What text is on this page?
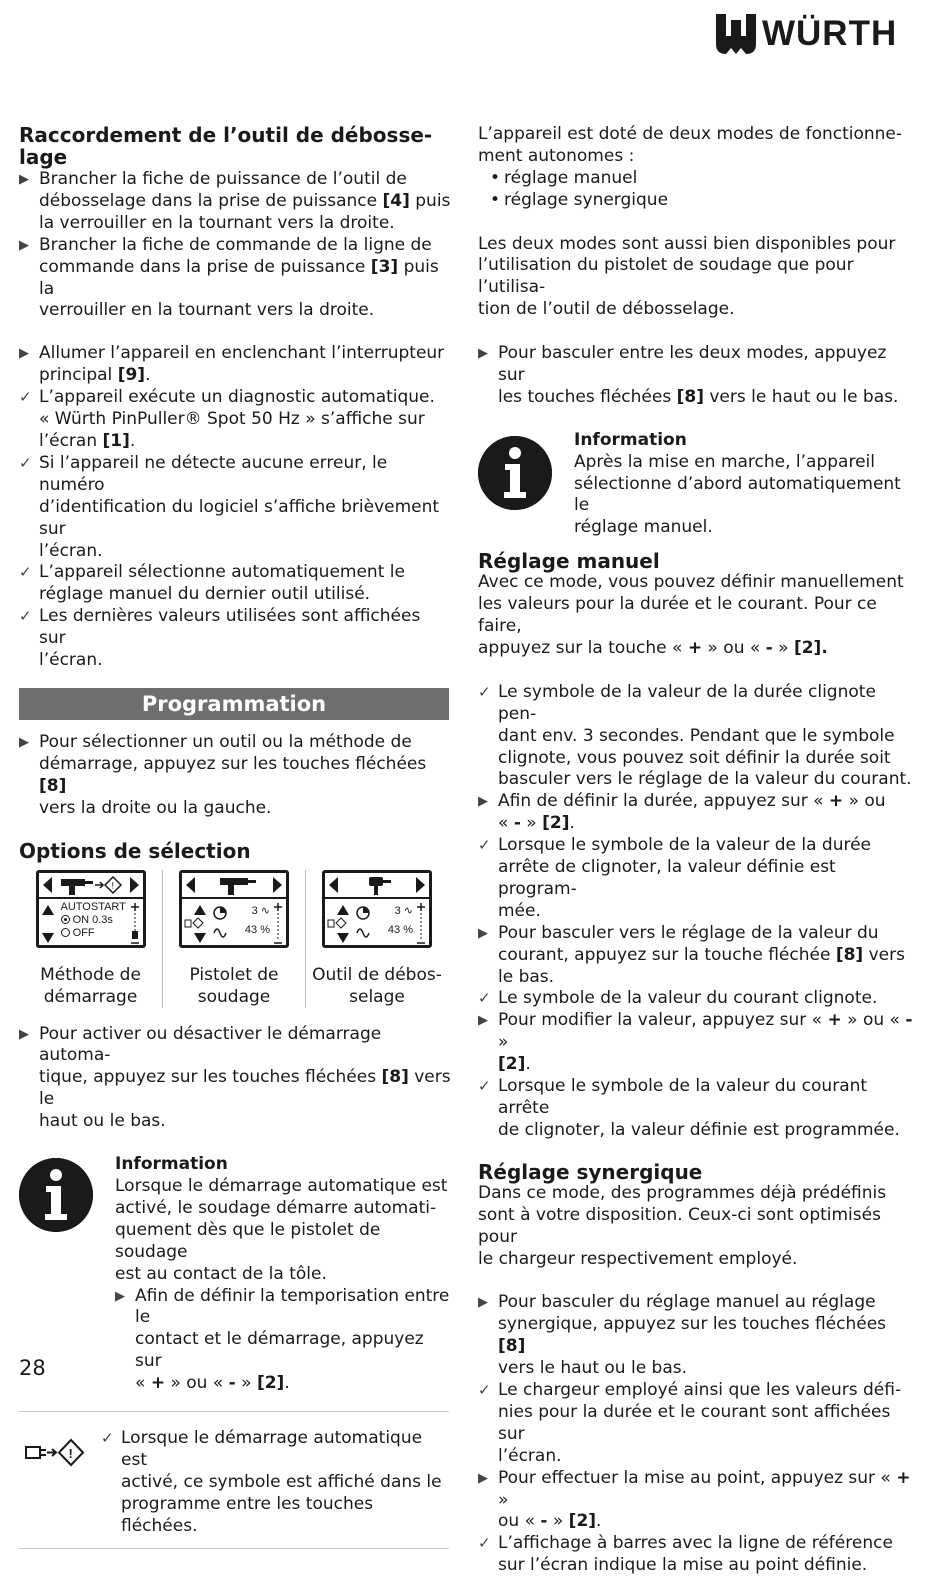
WÜRTH
Raccordement de l’outil de débosse-
lage
▶ Brancher la fiche de puissance de l’outil de
débosselage dans la prise de puissance [4] puis
la verrouiller en la tournant vers la droite.
▶ Brancher la fiche de commande de la ligne de
commande dans la prise de puissance [3] puis la
verrouiller en la tournant vers la droite.
▶ Allumer l’appareil en enclenchant l’interrupteur
principal [9].
✓ L’appareil exécute un diagnostic automatique.
« Würth PinPuller® Spot 50 Hz » s’affiche sur
l’écran [1].
✓ Si l’appareil ne détecte aucune erreur, le numéro
d’identification du logiciel s’affiche brièvement sur
l’écran.
✓ L’appareil sélectionne automatiquement le
réglage manuel du dernier outil utilisé.
✓ Les dernières valeurs utilisées sont affichées sur
l’écran.
Programmation
▶ Pour sélectionner un outil ou la méthode de
démarrage, appuyez sur les touches fléchées [8]
vers la droite ou la gauche.
Options de sélection
!
AUTOSTART
ON 0.3s
OFF
Méthode de
démarrage
3 ∿
43 %
Pistolet de
soudage
3 ∿
43 %
Outil de débos-
selage
▶ Pour activer ou désactiver le démarrage automa-
tique, appuyez sur les touches fléchées [8] vers le
haut ou le bas.
Information
Lorsque le démarrage automatique est
activé, le soudage démarre automati-
quement dès que le pistolet de soudage
est au contact de la tôle.
▶ Afin de définir la temporisation entre le
contact et le démarrage, appuyez sur
« + » ou « - » [2].
!
✓ Lorsque le démarrage automatique est
activé, ce symbole est affiché dans le
programme entre les touches fléchées.
L’appareil est doté de deux modes de fonctionne-
ment autonomes :
• réglage manuel
• réglage synergique
Les deux modes sont aussi bien disponibles pour
l’utilisation du pistolet de soudage que pour l’utilisa-
tion de l’outil de débosselage.
▶ Pour basculer entre les deux modes, appuyez sur
les touches fléchées [8] vers le haut ou le bas.
Information
Après la mise en marche, l’appareil
sélectionne d’abord automatiquement le
réglage manuel.
Réglage manuel
Avec ce mode, vous pouvez définir manuellement
les valeurs pour la durée et le courant. Pour ce faire,
appuyez sur la touche « + » ou « - » [2].
✓ Le symbole de la valeur de la durée clignote pen-
dant env. 3 secondes. Pendant que le symbole
clignote, vous pouvez soit définir la durée soit
basculer vers le réglage de la valeur du courant.
▶ Afin de définir la durée, appuyez sur « + » ou
« - » [2].
✓ Lorsque le symbole de la valeur de la durée
arrête de clignoter, la valeur définie est program-
mée.
▶ Pour basculer vers le réglage de la valeur du
courant, appuyez sur la touche fléchée [8] vers
le bas.
✓ Le symbole de la valeur du courant clignote.
▶ Pour modifier la valeur, appuyez sur « + » ou « - »
[2].
✓ Lorsque le symbole de la valeur du courant arrête
de clignoter, la valeur définie est programmée.
Réglage synergique
Dans ce mode, des programmes déjà prédéfinis
sont à votre disposition. Ceux-ci sont optimisés pour
le chargeur respectivement employé.
▶ Pour basculer du réglage manuel au réglage
synergique, appuyez sur les touches fléchées [8]
vers le haut ou le bas.
✓ Le chargeur employé ainsi que les valeurs défi-
nies pour la durée et le courant sont affichées sur
l’écran.
▶ Pour effectuer la mise au point, appuyez sur « + »
ou « - » [2].
✓ L’affichage à barres avec la ligne de référence
sur l’écran indique la mise au point définie.
28
